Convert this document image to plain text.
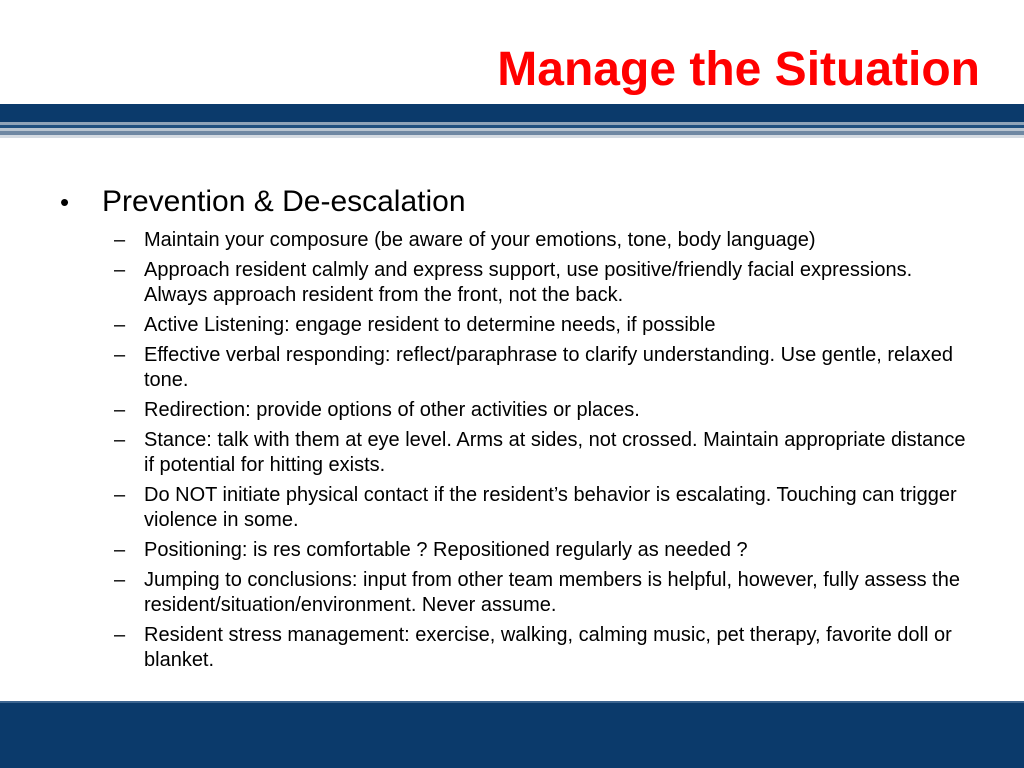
Manage the Situation
•	Prevention & De-escalation
– Maintain your composure (be aware of your emotions, tone, body language)
– Approach resident calmly and express support, use positive/friendly facial expressions. Always approach resident from the front, not the back.
– Active Listening: engage resident to determine needs, if possible
– Effective verbal responding: reflect/paraphrase to clarify understanding. Use gentle, relaxed tone.
– Redirection: provide options of other activities or places.
– Stance: talk with them at eye level. Arms at sides, not crossed. Maintain appropriate distance if potential for hitting exists.
– Do NOT initiate physical contact if the resident’s behavior is escalating. Touching can trigger violence in some.
– Positioning: is res comfortable ? Repositioned regularly as needed ?
– Jumping to conclusions: input from other team members is helpful, however, fully assess the resident/situation/environment. Never assume.
– Resident stress management: exercise, walking, calming music, pet therapy, favorite doll or blanket.
